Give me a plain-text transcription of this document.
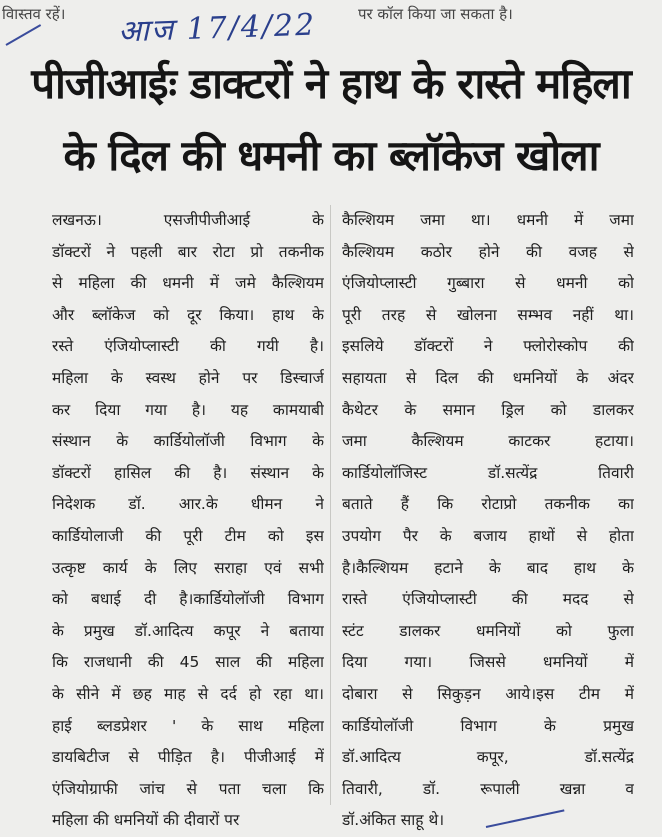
विास्तव रहें।	पर कॉल किया जा सकता है।
आज 17/4/22
पीजीआईः डाक्टरों ने हाथ के रास्ते महिला
के दिल की धमनी का ब्लॉकेज खोला
लखनऊ। एसजीपीजीआई के
डॉक्टरों ने पहली बार रोटा प्रो तकनीक
से महिला की धमनी में जमे कैल्शियम
और ब्लॉकेज को दूर किया। हाथ के
रस्ते एंजियोप्लास्टी की गयी है।
महिला के स्वस्थ होने पर डिस्चार्ज
कर दिया गया है। यह कामयाबी
संस्थान के कार्डियोलॉजी विभाग के
डॉक्टरों हासिल की है। संस्थान के
निदेशक डॉ. आर.के धीमन ने
कार्डियोलाजी की पूरी टीम को इस
उत्कृष्ट कार्य के लिए सराहा एवं सभी
को बधाई दी है।कार्डियोलॉजी विभाग
के प्रमुख डॉ.आदित्य कपूर ने बताया
कि राजधानी की 45 साल की महिला
के सीने में छह माह से दर्द हो रहा था।
हाई ब्लडप्रेशर ' के साथ महिला
डायबिटीज से पीड़ित है। पीजीआई में
एंजियोग्राफी जांच से पता चला कि
महिला की धमनियों की दीवारों पर
कैल्शियम जमा था। धमनी में जमा
कैल्शियम कठोर होने की वजह से
एंजियोप्लास्टी गुब्बारा से धमनी को
पूरी तरह से खोलना सम्भव नहीं था।
इसलिये डॉक्टरों ने फ्लोरोस्कोप की
सहायता से दिल की धमनियों के अंदर
कैथेटर के समान ड्रिल को डालकर
जमा कैल्शियम काटकर हटाया।
कार्डियोलॉजिस्ट डॉ.सत्येंद्र तिवारी
बताते हैं कि रोटाप्रो तकनीक का
उपयोग पैर के बजाय हाथों से होता
है।कैल्शियम हटाने के बाद हाथ के
रास्ते एंजियोप्लास्टी की मदद से
स्टंट डालकर धमनियों को फुला
दिया गया। जिससे धमनियों में
दोबारा से सिकुड़न आये।इस टीम में
कार्डियोलॉजी विभाग के प्रमुख
डॉ.आदित्य कपूर, डॉ.सत्येंद्र
तिवारी, डॉ. रूपाली खन्ना व
डॉ.अंकित साहू थे।
